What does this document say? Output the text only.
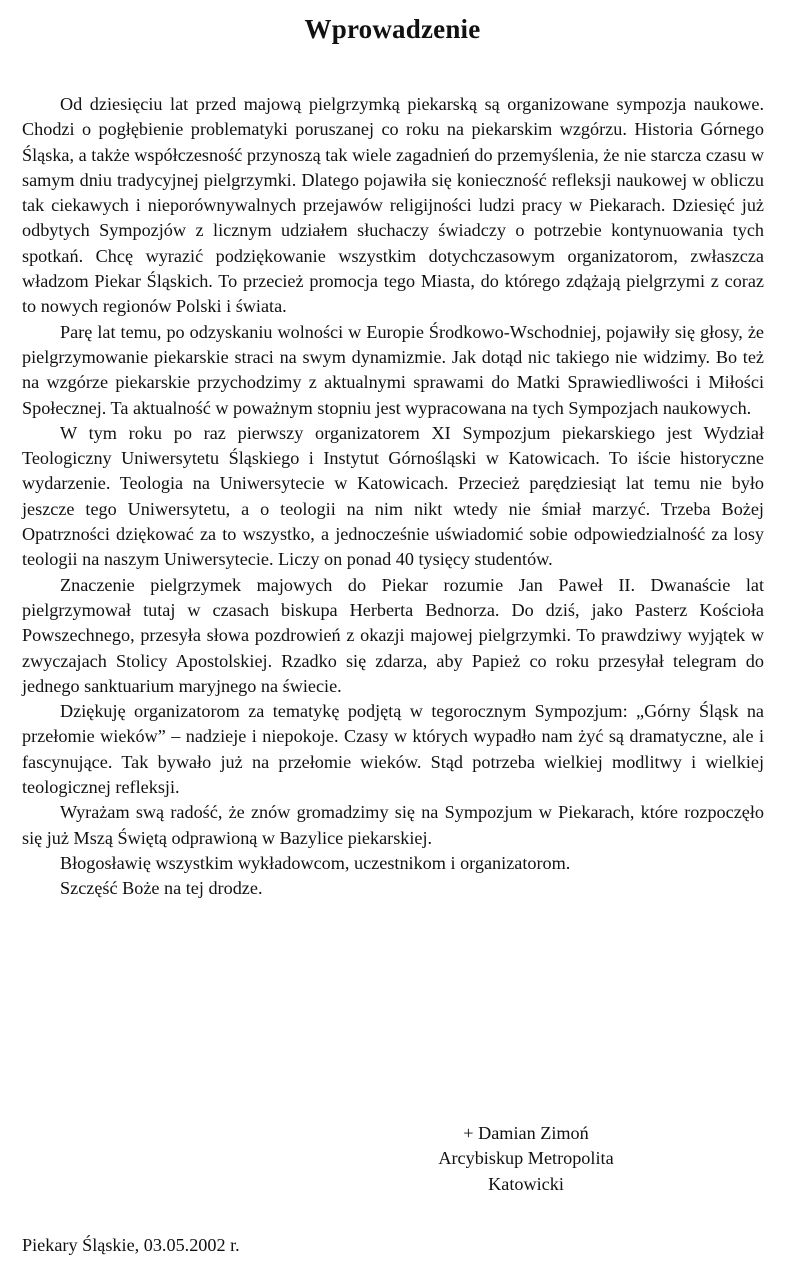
Wprowadzenie

Od dziesięciu lat przed majową pielgrzymką piekarską są organizowane sympozja naukowe. Chodzi o pogłębienie problematyki poruszanej co roku na piekarskim wzgórzu. Historia Górnego Śląska, a także współczesność przynoszą tak wiele zagadnień do przemyślenia, że nie starcza czasu w samym dniu tradycyjnej pielgrzymki. Dlatego pojawiła się konieczność refleksji naukowej w obliczu tak ciekawych i nieporównywalnych przejawów religijności ludzi pracy w Piekarach. Dziesięć już odbytych Sympozjów z licznym udziałem słuchaczy świadczy o potrzebie kontynuowania tych spotkań. Chcę wyrazić podziękowanie wszystkim dotychczasowym organizatorom, zwłaszcza władzom Piekar Śląskich. To przecież promocja tego Miasta, do którego zdążają pielgrzymi z coraz to nowych regionów Polski i świata.

Parę lat temu, po odzyskaniu wolności w Europie Środkowo-Wschodniej, pojawiły się głosy, że pielgrzymowanie piekarskie straci na swym dynamizmie. Jak dotąd nic takiego nie widzimy. Bo też na wzgórze piekarskie przychodzimy z aktualnymi sprawami do Matki Sprawiedliwości i Miłości Społecznej. Ta aktualność w poważnym stopniu jest wypracowana na tych Sympozjach naukowych.

W tym roku po raz pierwszy organizatorem XI Sympozjum piekarskiego jest Wydział Teologiczny Uniwersytetu Śląskiego i Instytut Górnośląski w Katowicach. To iście historyczne wydarzenie. Teologia na Uniwersytecie w Katowicach. Przecież parędziesiąt lat temu nie było jeszcze tego Uniwersytetu, a o teologii na nim nikt wtedy nie śmiał marzyć. Trzeba Bożej Opatrzności dziękować za to wszystko, a jednocześnie uświadomić sobie odpowiedzialność za losy teologii na naszym Uniwersytecie. Liczy on ponad 40 tysięcy studentów.

Znaczenie pielgrzymek majowych do Piekar rozumie Jan Paweł II. Dwanaście lat pielgrzymował tutaj w czasach biskupa Herberta Bednorza. Do dziś, jako Pasterz Kościoła Powszechnego, przesyła słowa pozdrowień z okazji majowej pielgrzymki. To prawdziwy wyjątek w zwyczajach Stolicy Apostolskiej. Rzadko się zdarza, aby Papież co roku przesyłał telegram do jednego sanktuarium maryjnego na świecie.

Dziękuję organizatorom za tematykę podjętą w tegorocznym Sympozjum: „Górny Śląsk na przełomie wieków” – nadzieje i niepokoje. Czasy w których wypadło nam żyć są dramatyczne, ale i fascynujące. Tak bywało już na przełomie wieków. Stąd potrzeba wielkiej modlitwy i wielkiej teologicznej refleksji.

Wyrażam swą radość, że znów gromadzimy się na Sympozjum w Piekarach, które rozpoczęło się już Mszą Świętą odprawioną w Bazylice piekarskiej.

Błogosławię wszystkim wykładowcom, uczestnikom i organizatorom.

Szczęść Boże na tej drodze.

+ Damian Zimoń
Arcybiskup Metropolita
Katowicki
Piekary Śląskie, 03.05.2002 r.
